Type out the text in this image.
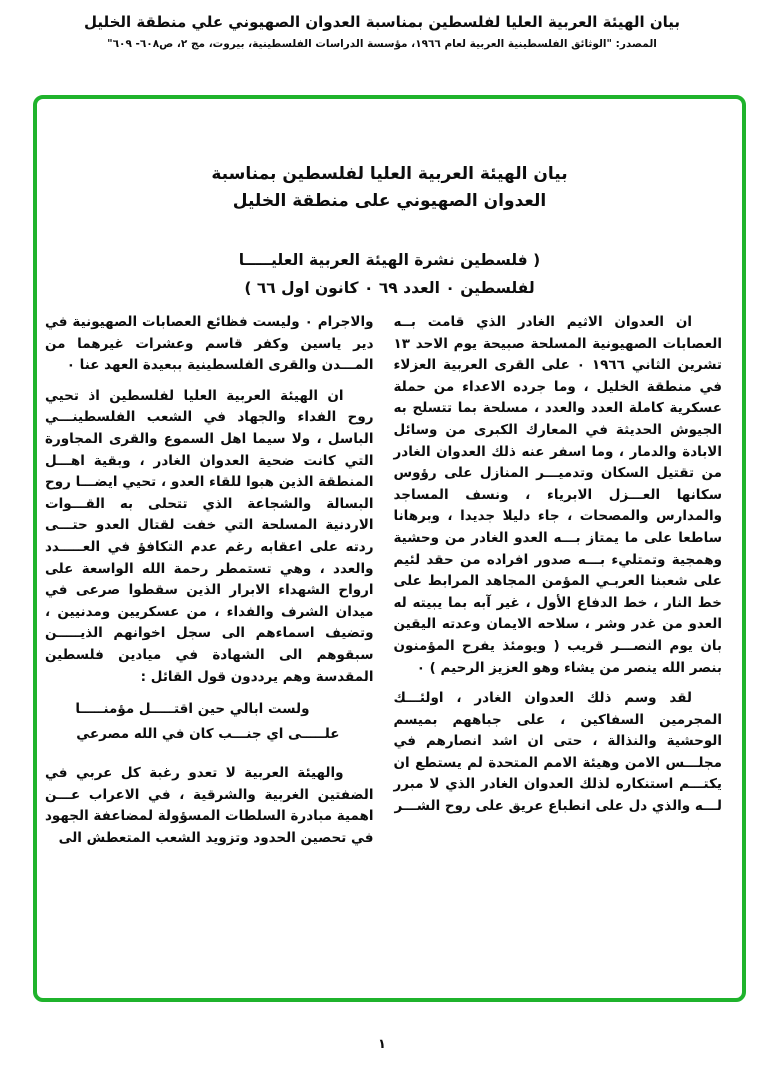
بيان الهيئة العربية العليا لفلسطين بمناسبة العدوان الصهيوني علي منطقة الخليل
المصدر: "الوثائق الفلسطينية العربية لعام ١٩٦٦، مؤسسة الدراسات الفلسطينية، بيروت، مج ٢، ص٦٠٨- ٦٠٩"
بيان الهيئة العربية العليا لفلسطين بمناسبة
العدوان الصهيوني على منطقة الخليل
( فلسطين نشرة الهيئة العربية العليـــــا
لفلسطين ٠ العدد ٦٩ ٠ كانون اول ٦٦ )

ان العدوان الاثيم الغادر الذي قامت بــه العصابات الصهيونية المسلحة صبيحة يوم الاحد ١٣ تشرين الثاني ١٩٦٦ ٠ على القرى العربية العزلاء في منطقة الخليل ، وما جرده الاعداء من حملة عسكرية كاملة العدد والعدد ، مسلحة بما تتسلح به الجيوش الحديثة في المعارك الكبرى من وسائل الابادة والدمار ، وما اسفر عنه ذلك العدوان الغادر من تقتيل السكان وتدميـــر المنازل على رؤوس سكانها العـــزل الابرياء ، ونسف المساجد والمدارس والمصحات ، جاء دليلا جديدا ، وبرهانا ساطعا على ما يمتاز بـــه العدو الغادر من وحشية وهمجية وتمتليء بـــه صدور افراده من حقد لئيم على شعبنا العربـي المؤمن المجاهد المرابط على خط النار ، خط الدفاع الأول ، غير آبه بما يبيته له العدو من غدر وشر ، سلاحه الايمان وعدته اليقين بان يوم النصـــر قريب ( ويومئذ يفرح المؤمنون بنصر الله ينصر من يشاء وهو العزيز الرحيم ) ٠

لقد وسم ذلك العدوان الغادر ، اولئـــك المجرمين السفاكين ، على جباههم بميسم الوحشية والنذالة ، حتى ان اشد انصارهم في مجلـــس الامن وهيئة الامم المتحدة لم يستطع ان يكتـــم استنكاره لذلك العدوان الغادر الذي لا مبرر لـــه والذي دل على انطباع عريق على روح الشـــر

والاجرام ٠ وليست فظائع العصابات الصهيونية في دير ياسين وكفر قاسم وعشرات غيرهما من المـــدن والقرى الفلسطينية ببعيدة العهد عنا ٠

ان الهيئة العربية العليا لفلسطين اذ تحيي روح الفداء والجهاد في الشعب الفلسطينـــي الباسل ، ولا سيما اهل السموع والقرى المجاورة التي كانت ضحية العدوان الغادر ، وبقية اهـــل المنطقة الذين هبوا للقاء العدو ، تحيي ايضـــا روح البسالة والشجاعة الذي تتحلى به القـــوات الاردنية المسلحة التي خفت لقتال العدو حتـــى ردته على اعقابه رغم عدم التكافؤ في العـــــدد والعدد ، وهي تستمطر رحمة الله الواسعة على ارواح الشهداء الابرار الذين سقطوا صرعى في ميدان الشرف والفداء ، من عسكريين ومدنيين ، وتضيف اسماءهم الى سجل اخوانهم الذيـــــن سبقوهم الى الشهادة في ميادين فلسطين المقدسة وهم يرددون قول القائل :

ولست ابالي حين اقتـــــل مؤمنـــــا
علـــــى اي جنـــب كان في الله مصرعي

والهيئة العربية لا تعدو رغبة كل عربي في الضفتين الغربية والشرقية ، في الاعراب عـــن اهمية مبادرة السلطات المسؤولة لمضاعفة الجهود في تحصين الحدود وتزويد الشعب المتعطش الى

١
